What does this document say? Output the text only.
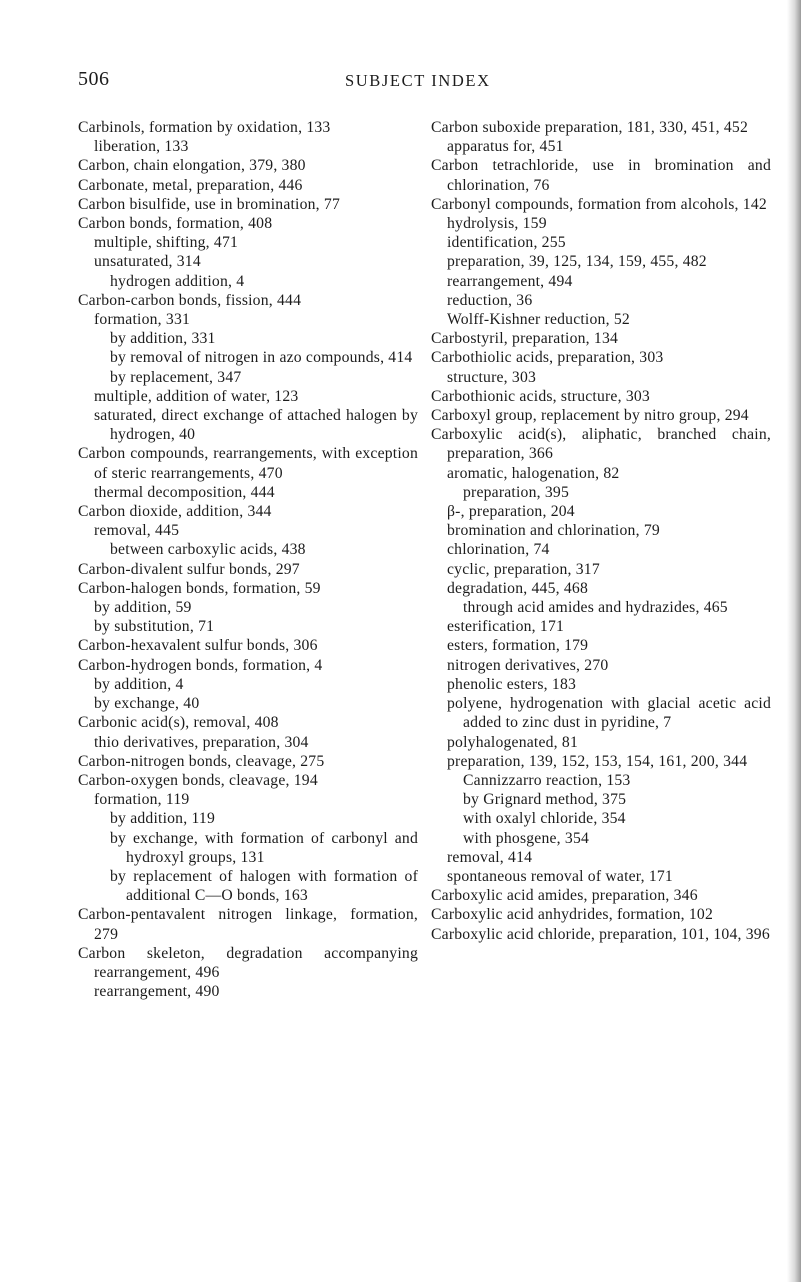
506	SUBJECT INDEX
Carbinols, formation by oxidation, 133
liberation, 133
Carbon, chain elongation, 379, 380
Carbonate, metal, preparation, 446
Carbon bisulfide, use in bromination, 77
Carbon bonds, formation, 408
multiple, shifting, 471
unsaturated, 314
hydrogen addition, 4
Carbon-carbon bonds, fission, 444
formation, 331
by addition, 331
by removal of nitrogen in azo compounds, 414
by replacement, 347
multiple, addition of water, 123
saturated, direct exchange of attached halogen by hydrogen, 40
Carbon compounds, rearrangements, with exception of steric rearrangements, 470
thermal decomposition, 444
Carbon dioxide, addition, 344
removal, 445
between carboxylic acids, 438
Carbon-divalent sulfur bonds, 297
Carbon-halogen bonds, formation, 59
by addition, 59
by substitution, 71
Carbon-hexavalent sulfur bonds, 306
Carbon-hydrogen bonds, formation, 4
by addition, 4
by exchange, 40
Carbonic acid(s), removal, 408
thio derivatives, preparation, 304
Carbon-nitrogen bonds, cleavage, 275
Carbon-oxygen bonds, cleavage, 194
formation, 119
by addition, 119
by exchange, with formation of carbonyl and hydroxyl groups, 131
by replacement of halogen with formation of additional C—O bonds, 163
Carbon-pentavalent nitrogen linkage, formation, 279
Carbon skeleton, degradation accompanying rearrangement, 496
rearrangement, 490
Carbon suboxide preparation, 181, 330, 451, 452
apparatus for, 451
Carbon tetrachloride, use in bromination and chlorination, 76
Carbonyl compounds, formation from alcohols, 142
hydrolysis, 159
identification, 255
preparation, 39, 125, 134, 159, 455, 482
rearrangement, 494
reduction, 36
Wolff-Kishner reduction, 52
Carbostyril, preparation, 134
Carbothiolic acids, preparation, 303
structure, 303
Carbothionic acids, structure, 303
Carboxyl group, replacement by nitro group, 294
Carboxylic acid(s), aliphatic, branched chain, preparation, 366
aromatic, halogenation, 82
preparation, 395
β-, preparation, 204
bromination and chlorination, 79
chlorination, 74
cyclic, preparation, 317
degradation, 445, 468
through acid amides and hydrazides, 465
esterification, 171
esters, formation, 179
nitrogen derivatives, 270
phenolic esters, 183
polyene, hydrogenation with glacial acetic acid added to zinc dust in pyridine, 7
polyhalogenated, 81
preparation, 139, 152, 153, 154, 161, 200, 344
Cannizzarro reaction, 153
by Grignard method, 375
with oxalyl chloride, 354
with phosgene, 354
removal, 414
spontaneous removal of water, 171
Carboxylic acid amides, preparation, 346
Carboxylic acid anhydrides, formation, 102
Carboxylic acid chloride, preparation, 101, 104, 396
